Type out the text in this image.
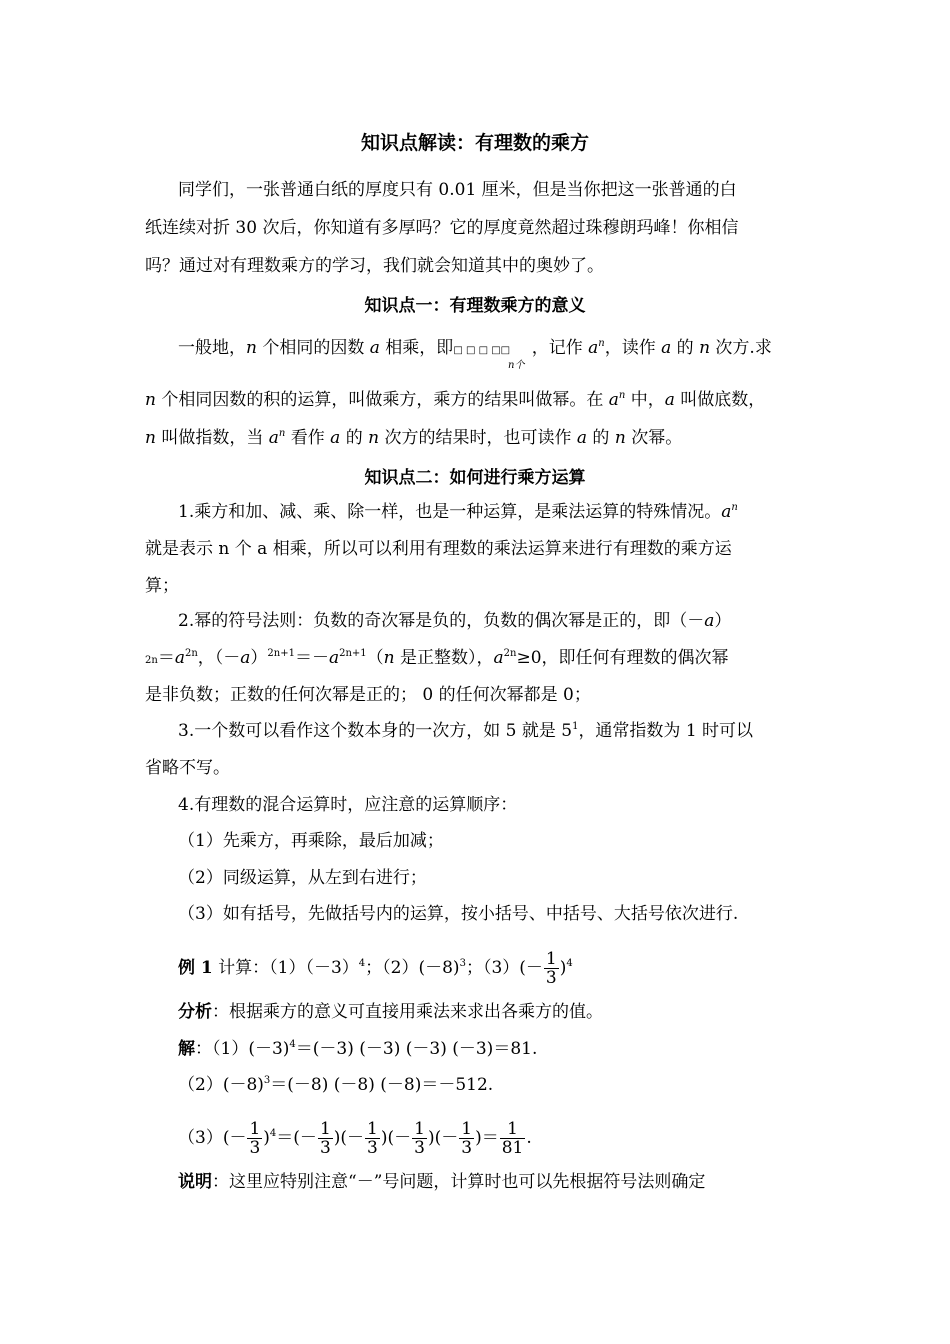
知识点解读：有理数的乘方
同学们，一张普通白纸的厚度只有 0.01 厘米，但是当你把这一张普通的白
纸连续对折 30 次后，你知道有多厚吗？它的厚度竟然超过珠穆朗玛峰！你相信
吗？通过对有理数乘方的学习，我们就会知道其中的奥妙了。
知识点一：有理数乘方的意义
一般地，n 个相同的因数 a 相乘，即□ □ □ □□ ，记作 $a^n$，读作 a 的 n 次方.求
n个
n 个相同因数的积的运算，叫做乘方，乘方的结果叫做幂。在 $a^n$ 中，a 叫做底数，
n 叫做指数，当 $a^n$ 看作 a 的 n 次方的结果时，也可读作 a 的 n 次幂。
知识点二：如何进行乘方运算
1.乘方和加、减、乘、除一样，也是一种运算，是乘法运算的特殊情况。$a^n$
就是表示 n 个 a 相乘，所以可以利用有理数的乘法运算来进行有理数的乘方运
算；
2.幂的符号法则：负数的奇次幂是负的，负数的偶次幂是正的，即（－a）
$2n=a^{2n}$，$(-a)^{2n+1}=-a^{2n+1}(n$ 是正整数），$a^{2n}\ge 0$，即任何有理数的偶次幂
是非负数；正数的任何次幂是正的； 0 的任何次幂都是 0；
3.一个数可以看作这个数本身的一次方，如 5 就是 $5^1$，通常指数为 1 时可以
省略不写。
4.有理数的混合运算时，应注意的运算顺序：
（1）先乘方，再乘除，最后加减；
（2）同级运算，从左到右进行；
（3）如有括号，先做括号内的运算，按小括号、中括号、大括号依次进行.
例 1 计算：$(1)(-3)^4$；$(2)(-8)^3$；$(3)(- \frac{1}{3} )^4$
分析：根据乘方的意义可直接用乘法来求出各乘方的值。
解：$(1)(-3)^4=(-3)$ (－3) (－3) (－3)＝81.
$(2)(-8)^3=(-8)$ (－8) (－8)＝－512.
$(3)(- \frac{1}{3} )^4=(- \frac{1}{3}$ )(－ $\frac{1}{3}$ )(－ $\frac{1}{3}$ )(－ $\frac{1}{3}$ )＝ $\frac{1}{81}$ .
说明：这里应特别注意“－”号问题，计算时也可以先根据符号法则确定
